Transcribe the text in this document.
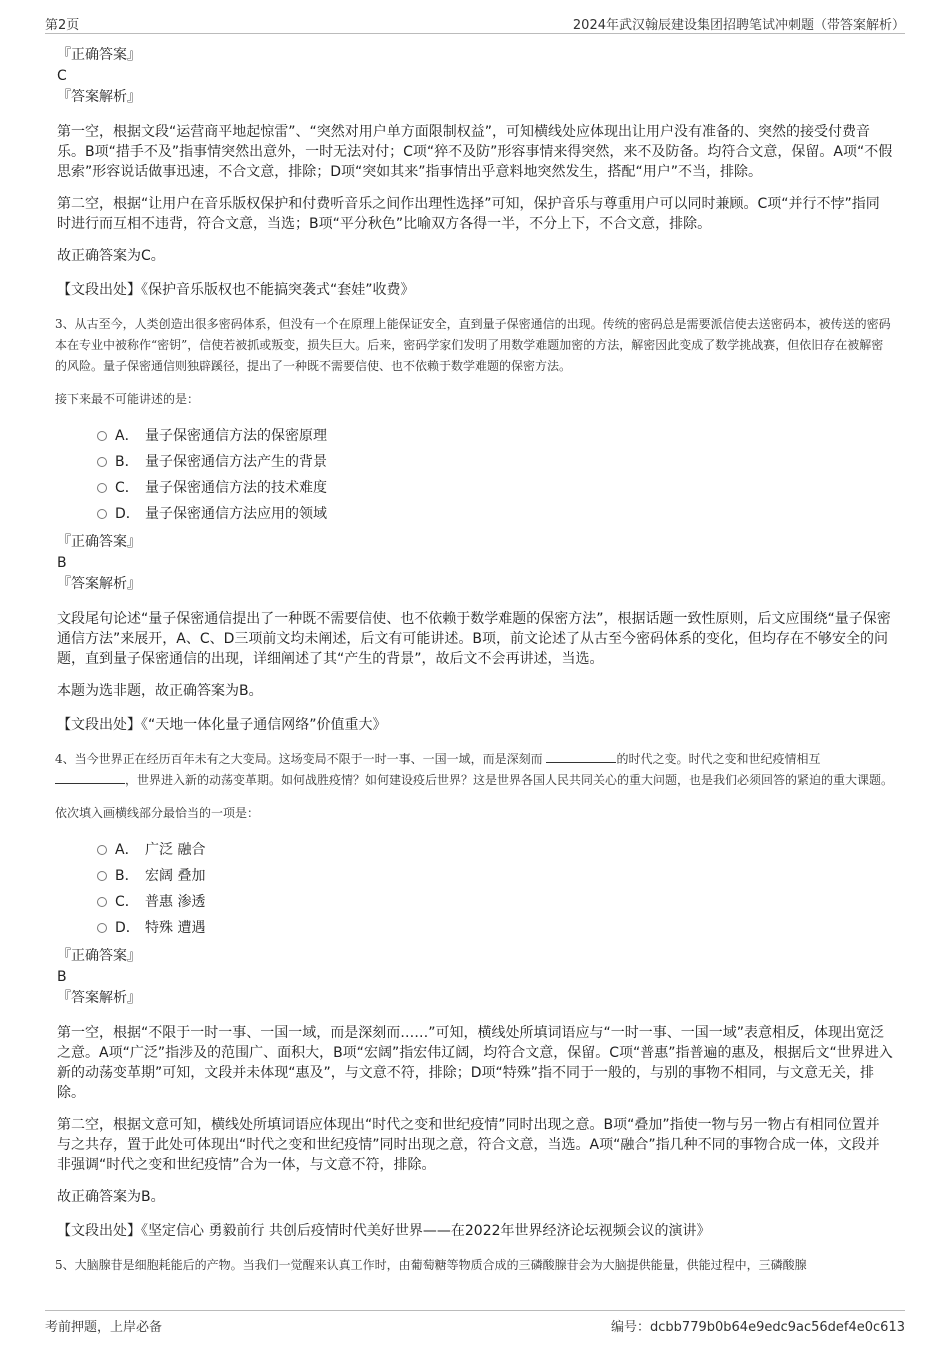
第2页	2024年武汉翰辰建设集团招聘笔试冲刺题（带答案解析）
『正确答案』
C
『答案解析』
第一空，根据文段“运营商平地起惊雷”、“突然对用户单方面限制权益”，可知横线处应体现出让用户没有准备的、突然的接受付费音乐。B项“措手不及”指事情突然出意外，一时无法对付；C项“猝不及防”形容事情来得突然，来不及防备。均符合文意，保留。A项“不假思索”形容说话做事迅速，不合文意，排除；D项“突如其来”指事情出乎意料地突然发生，搭配“用户”不当，排除。
第二空，根据“让用户在音乐版权保护和付费听音乐之间作出理性选择”可知，保护音乐与尊重用户可以同时兼顾。C项“并行不悖”指同时进行而互相不违背，符合文意，当选；B项“平分秋色”比喻双方各得一半，不分上下，不合文意，排除。
故正确答案为C。
【文段出处】《保护音乐版权也不能搞突袭式“套娃”收费》
3、从古至今，人类创造出很多密码体系，但没有一个在原理上能保证安全，直到量子保密通信的出现。传统的密码总是需要派信使去送密码本，被传送的密码本在专业中被称作“密钥”，信使若被抓或叛变，损失巨大。后来，密码学家们发明了用数学难题加密的方法，解密因此变成了数学挑战赛，但依旧存在被解密的风险。量子保密通信则独辟蹊径，提出了一种既不需要信使、也不依赖于数学难题的保密方法。
接下来最不可能讲述的是：
A． 量子保密通信方法的保密原理
B． 量子保密通信方法产生的背景
C． 量子保密通信方法的技术难度
D． 量子保密通信方法应用的领域
『正确答案』
B
『答案解析』
文段尾句论述“量子保密通信提出了一种既不需要信使、也不依赖于数学难题的保密方法”，根据话题一致性原则，后文应围绕“量子保密通信方法”来展开，A、C、D三项前文均未阐述，后文有可能讲述。B项，前文论述了从古至今密码体系的变化，但均存在不够安全的问题，直到量子保密通信的出现，详细阐述了其“产生的背景”，故后文不会再讲述，当选。
本题为选非题，故正确答案为B。
【文段出处】《“天地一体化量子通信网络”价值重大》
4、当今世界正在经历百年未有之大变局。这场变局不限于一时一事、一国一域，而是深刻而	的时代之变。时代之变和世纪疫情相互
，世界进入新的动荡变革期。如何战胜疫情？如何建设疫后世界？这是世界各国人民共同关心的重大问题，也是我们必须回答的紧迫的重大课题。
依次填入画横线部分最恰当的一项是：
A． 广泛 融合
B． 宏阔 叠加
C． 普惠 渗透
D． 特殊 遭遇
『正确答案』
B
『答案解析』
第一空，根据“不限于一时一事、一国一域，而是深刻而……”可知，横线处所填词语应与“一时一事、一国一域”表意相反，体现出宽泛之意。A项“广泛”指涉及的范围广、面积大，B项“宏阔”指宏伟辽阔，均符合文意，保留。C项“普惠”指普遍的惠及，根据后文“世界进入新的动荡变革期”可知，文段并未体现“惠及”，与文意不符，排除；D项“特殊”指不同于一般的，与别的事物不相同，与文意无关，排除。
第二空，根据文意可知，横线处所填词语应体现出“时代之变和世纪疫情”同时出现之意。B项“叠加”指使一物与另一物占有相同位置并与之共存，置于此处可体现出“时代之变和世纪疫情”同时出现之意，符合文意，当选。A项“融合”指几种不同的事物合成一体，文段并非强调“时代之变和世纪疫情”合为一体，与文意不符，排除。
故正确答案为B。
【文段出处】《坚定信心 勇毅前行 共创后疫情时代美好世界——在2022年世界经济论坛视频会议的演讲》
5、大脑腺苷是细胞耗能后的产物。当我们一觉醒来认真工作时，由葡萄糖等物质合成的三磷酸腺苷会为大脑提供能量，供能过程中，三磷酸腺
考前押题，上岸必备	编号：dcbb779b0b64e9edc9ac56def4e0c613
